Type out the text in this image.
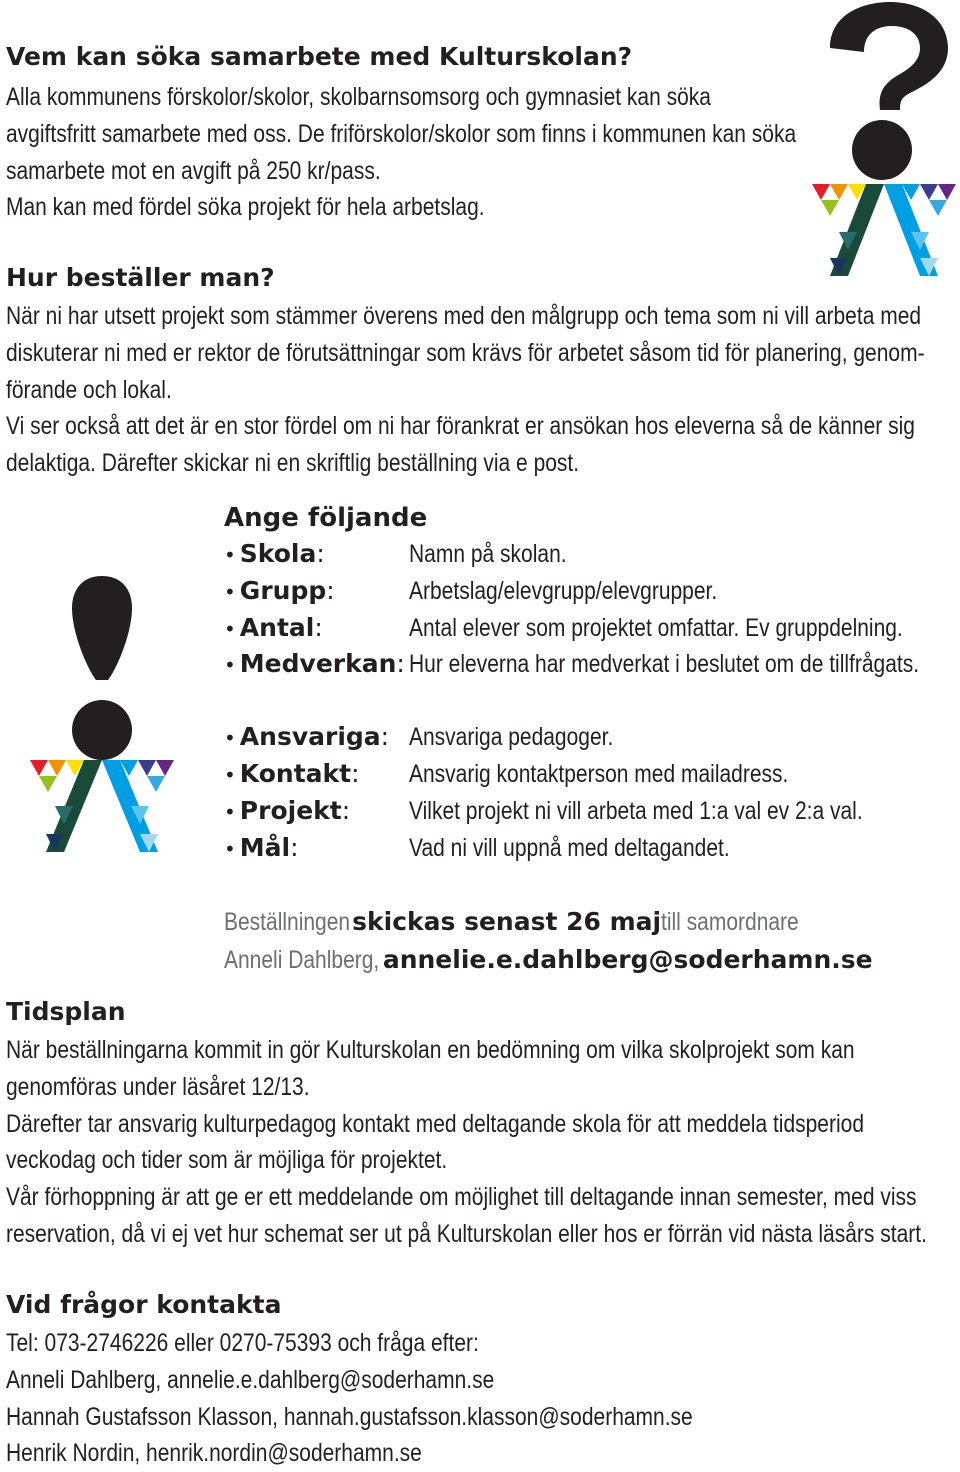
Vem kan söka samarbete med Kulturskolan?
Alla kommunens förskolor/skolor, skolbarnsomsorg och gymnasiet kan söka
avgiftsfritt samarbete med oss. De friförskolor/skolor som finns i kommunen kan söka
samarbete mot en avgift på 250 kr/pass.
Man kan med fördel söka projekt för hela arbetslag.
Hur beställer man?
När ni har utsett projekt som stämmer överens med den målgrupp och tema som ni vill arbeta med
diskuterar ni med er rektor de förutsättningar som krävs för arbetet såsom tid för planering, genom-
förande och lokal.
Vi ser också att det är en stor fördel om ni har förankrat er ansökan hos eleverna så de känner sig
delaktiga. Därefter skickar ni en skriftlig beställning via e post.
Ange följande
• Skola:	Namn på skolan.
• Grupp:	Arbetslag/elevgrupp/elevgrupper.
• Antal:	Antal elever som projektet omfattar. Ev gruppdelning.
• Medverkan: Hur eleverna har medverkat i beslutet om de tillfrågats.
• Ansvariga: Ansvariga pedagoger.
• Kontakt: Ansvarig kontaktperson med mailadress.
• Projekt: Vilket projekt ni vill arbeta med 1:a val ev 2:a val.
• Mål:	Vad ni vill uppnå med deltagandet.
Beställningenskickas senast 26 majtill samordnare
Anneli Dahlberg,annelie.e.dahlberg@soderhamn.se
Tidsplan
När beställningarna kommit in gör Kulturskolan en bedömning om vilka skolprojekt som kan
genomföras under läsåret 12/13.
Därefter tar ansvarig kulturpedagog kontakt med deltagande skola för att meddela tidsperiod
veckodag och tider som är möjliga för projektet.
Vår förhoppning är att ge er ett meddelande om möjlighet till deltagande innan semester, med viss
reservation, då vi ej vet hur schemat ser ut på Kulturskolan eller hos er förrän vid nästa läsårs start.
Vid frågor kontakta
Tel: 073-2746226 eller 0270-75393 och fråga efter:
Anneli Dahlberg, annelie.e.dahlberg@soderhamn.se
Hannah Gustafsson Klasson, hannah.gustafsson.klasson@soderhamn.se
Henrik Nordin, henrik.nordin@soderhamn.se
